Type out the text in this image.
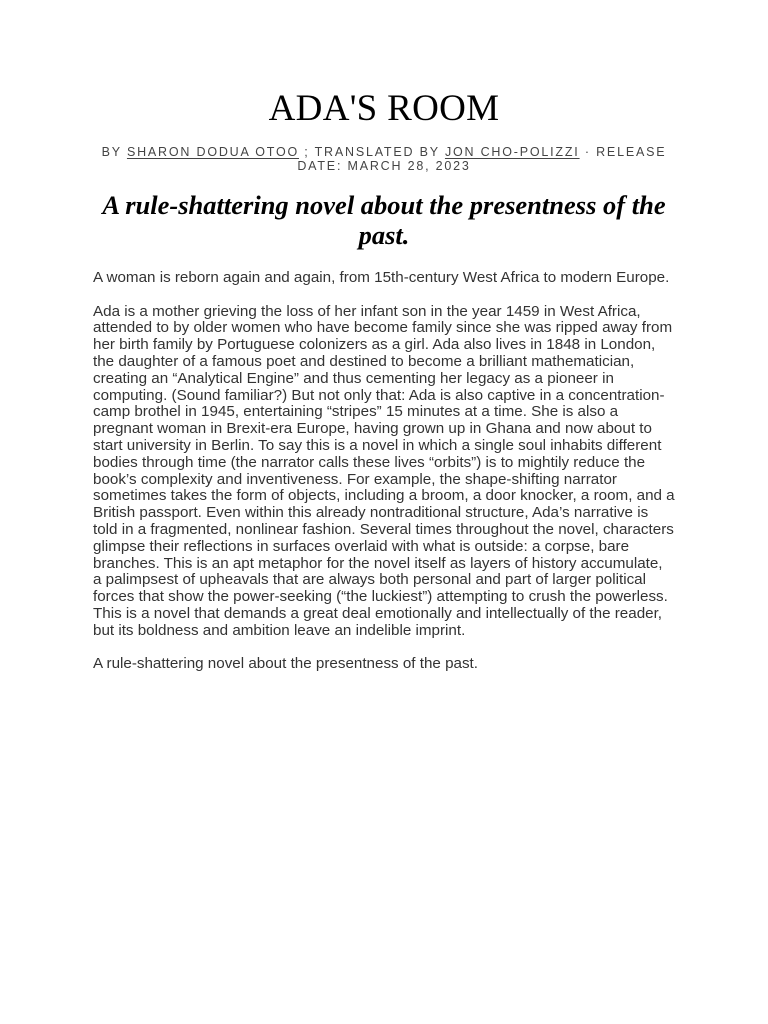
ADA'S ROOM
BY SHARON DODUA OTOO ; TRANSLATED BY JON CHO-POLIZZI · RELEASE DATE: MARCH 28, 2023
A rule-shattering novel about the presentness of the past.

A woman is reborn again and again, from 15th-century West Africa to modern Europe.

Ada is a mother grieving the loss of her infant son in the year 1459 in West Africa, attended to by older women who have become family since she was ripped away from her birth family by Portuguese colonizers as a girl. Ada also lives in 1848 in London, the daughter of a famous poet and destined to become a brilliant mathematician, creating an “Analytical Engine” and thus cementing her legacy as a pioneer in computing. (Sound familiar?) But not only that: Ada is also captive in a concentration-camp brothel in 1945, entertaining “stripes” 15 minutes at a time. She is also a pregnant woman in Brexit-era Europe, having grown up in Ghana and now about to start university in Berlin. To say this is a novel in which a single soul inhabits different bodies through time (the narrator calls these lives “orbits”) is to mightily reduce the book’s complexity and inventiveness. For example, the shape-shifting narrator sometimes takes the form of objects, including a broom, a door knocker, a room, and a British passport. Even within this already nontraditional structure, Ada’s narrative is told in a fragmented, nonlinear fashion. Several times throughout the novel, characters glimpse their reflections in surfaces overlaid with what is outside: a corpse, bare branches. This is an apt metaphor for the novel itself as layers of history accumulate, a palimpsest of upheavals that are always both personal and part of larger political forces that show the power-seeking (“the luckiest”) attempting to crush the powerless. This is a novel that demands a great deal emotionally and intellectually of the reader, but its boldness and ambition leave an indelible imprint.

A rule-shattering novel about the presentness of the past.
